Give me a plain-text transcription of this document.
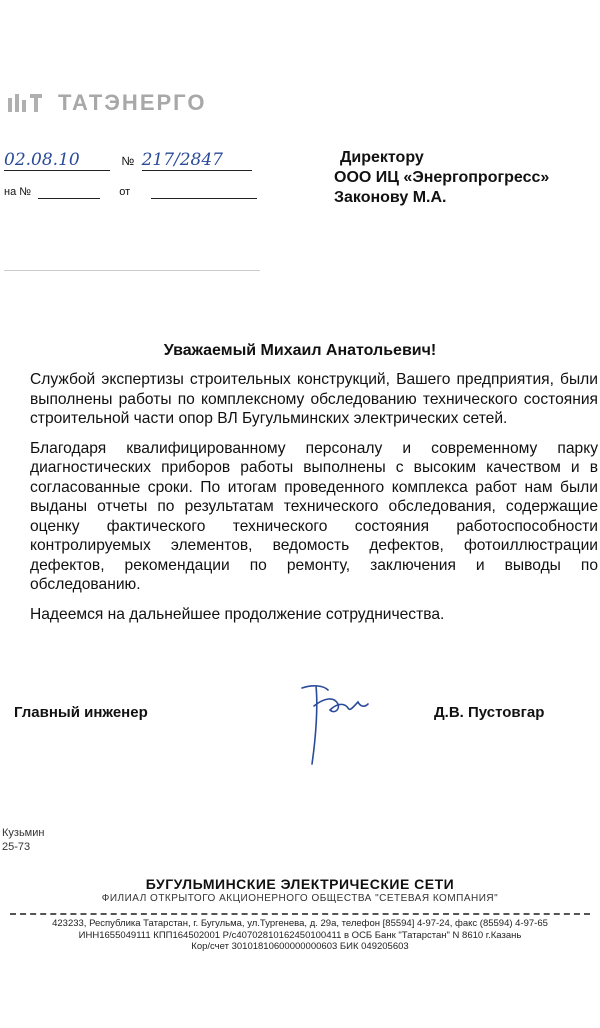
ТАТЭНЕРГО
02.08.10	№ 217/2847
на №	от
Директору
ООО ИЦ «Энергопрогресс»
Законову М.А.
Уважаемый Михаил Анатольевич!

Службой экспертизы строительных конструкций, Вашего предприятия, были выполнены работы по комплексному обследованию технического состояния строительной части опор ВЛ Бугульминских электрических сетей.

Благодаря квалифицированному персоналу и современному парку диагностических приборов работы выполнены с высоким качеством и в согласованные сроки. По итогам проведенного комплекса работ нам были выданы отчеты по результатам технического обследования, содержащие оценку фактического технического состояния работоспособности контролируемых элементов, ведомость дефектов, фотоиллюстрации дефектов, рекомендации по ремонту, заключения и выводы по обследованию.

Надеемся на дальнейшее продолжение сотрудничества.

Главный инженер	Д.В. Пустовгар
Кузьмин
25-73
БУГУЛЬМИНСКИЕ ЭЛЕКТРИЧЕСКИЕ СЕТИ
ФИЛИАЛ ОТКРЫТОГО АКЦИОНЕРНОГО ОБЩЕСТВА "СЕТЕВАЯ КОМПАНИЯ"
423233, Республика Татарстан, г. Бугульма, ул.Тургенева, д. 29а, телефон [85594] 4-97-24, факс (85594) 4-97-65
ИНН1655049111 КПП164502001 Р/с40702810162450100411 в ОСБ Банк "Татарстан" N 8610 г.Казань
Кор/счет 30101810600000000603 БИК 049205603
